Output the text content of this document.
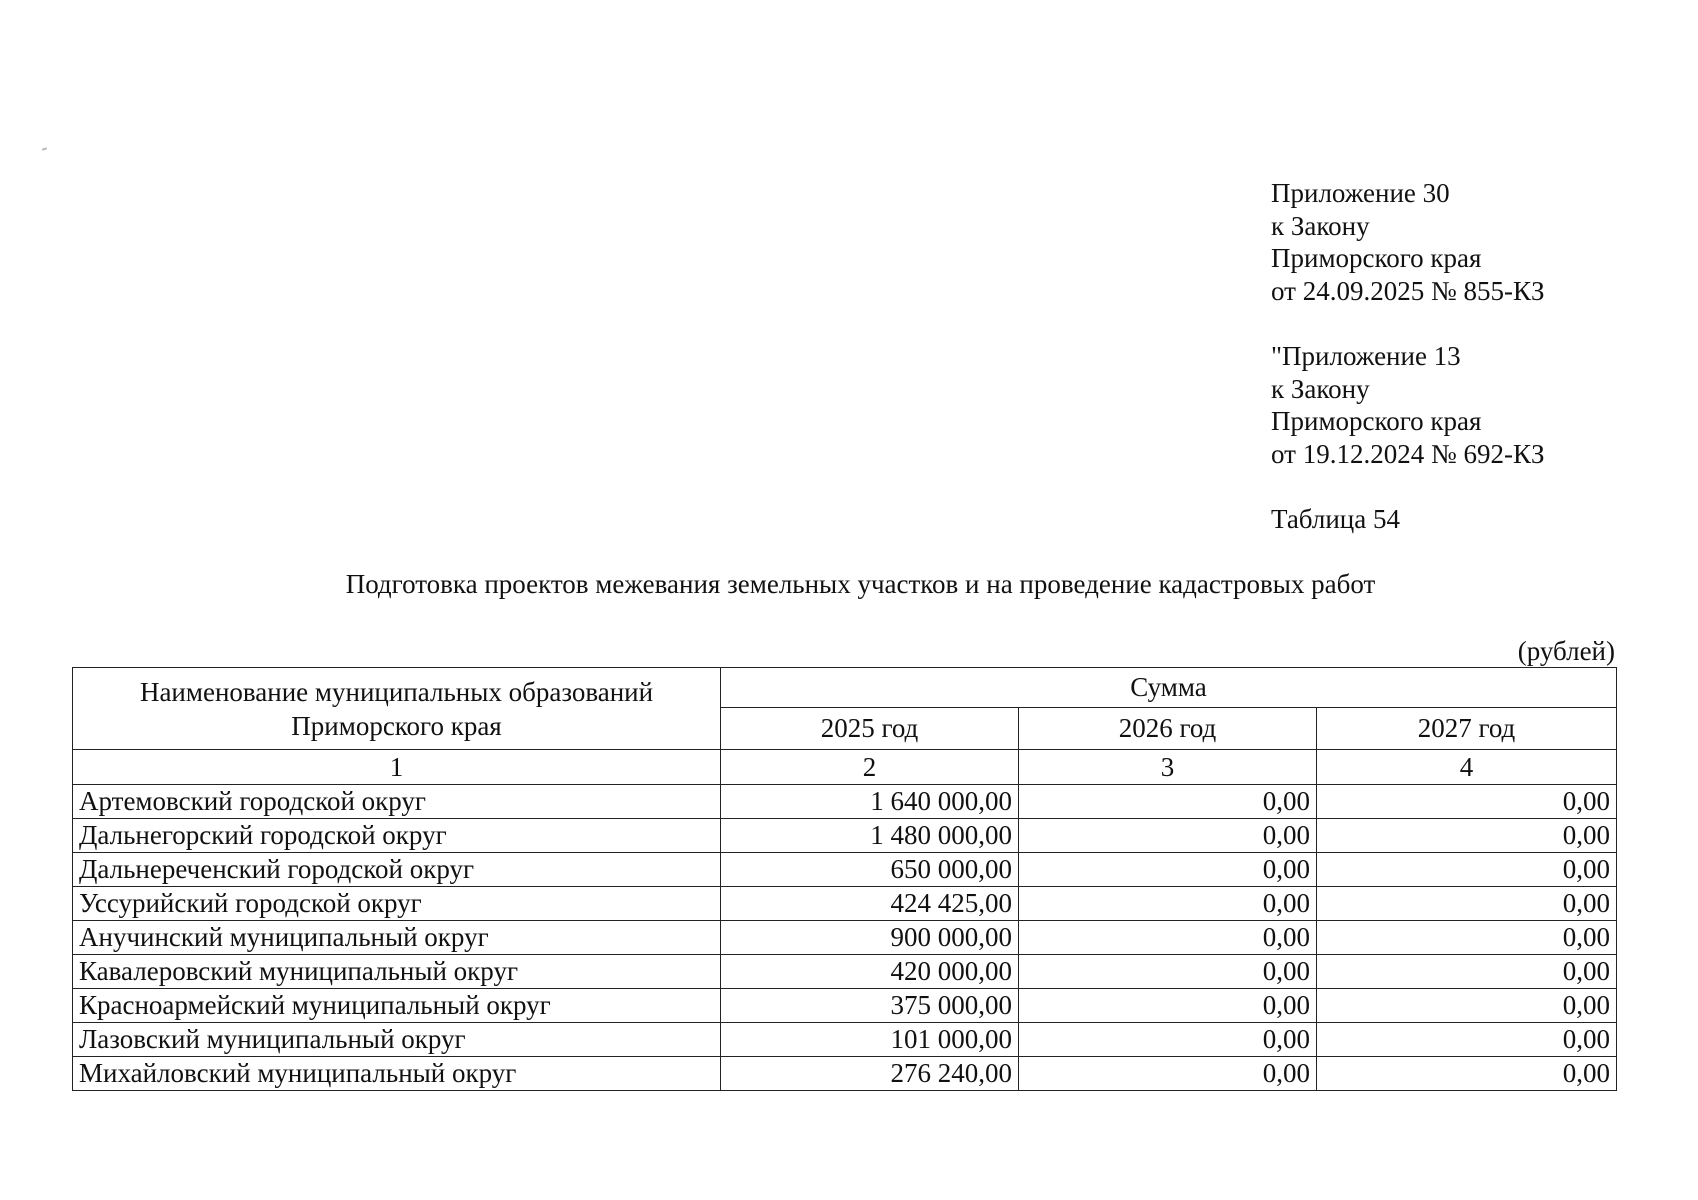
Приложение 30
к Закону
Приморского края
от 24.09.2025 № 855-КЗ
"Приложение 13
к Закону
Приморского края
от 19.12.2024 № 692-КЗ
Таблица 54
Подготовка проектов межевания земельных участков и на проведение кадастровых работ
(рублей)
Наименование муниципальных образований Приморского края	Сумма		
	2025 год	2026 год	2027 год
1	2	3	4
Артемовский городской округ	1 640 000,00	0,00	0,00
Дальнегорский городской округ	1 480 000,00	0,00	0,00
Дальнереченский городской округ	650 000,00	0,00	0,00
Уссурийский городской округ	424 425,00	0,00	0,00
Анучинский муниципальный округ	900 000,00	0,00	0,00
Кавалеровский муниципальный округ	420 000,00	0,00	0,00
Красноармейский муниципальный округ	375 000,00	0,00	0,00
Лазовский муниципальный округ	101 000,00	0,00	0,00
Михайловский муниципальный округ	276 240,00	0,00	0,00
